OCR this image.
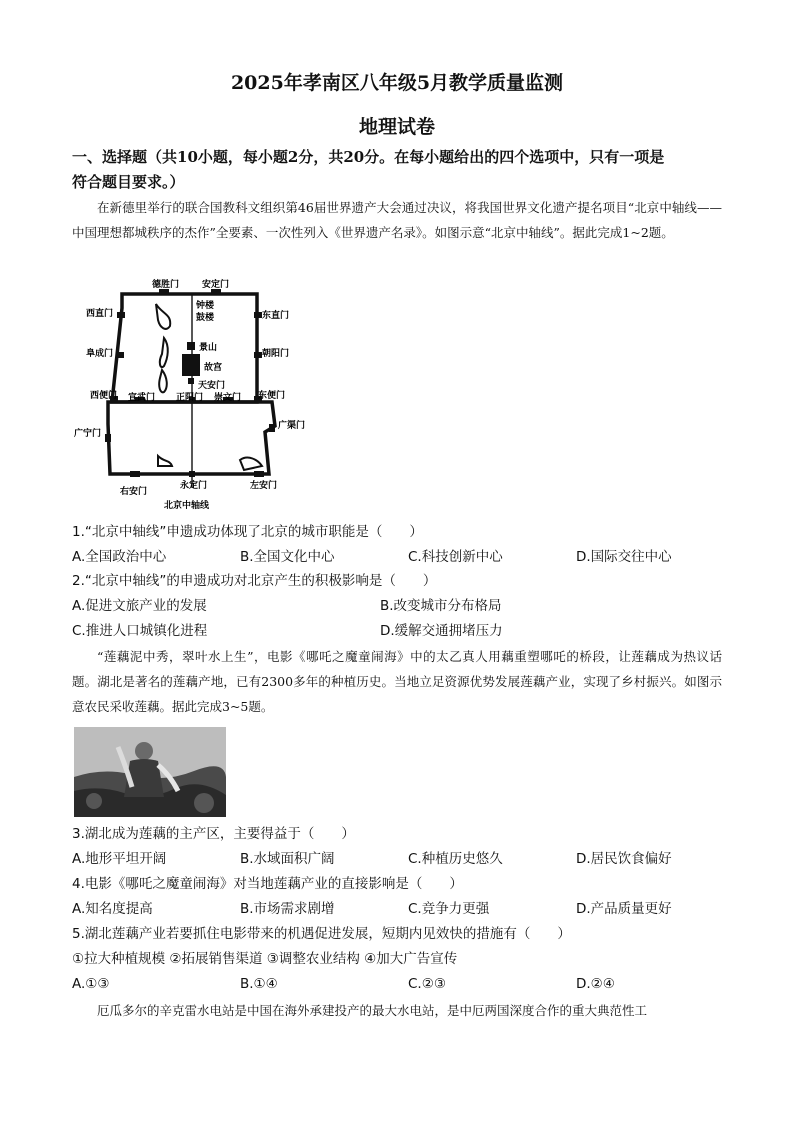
2025年孝南区八年级5月教学质量监测
地理试卷
一、选择题（共10小题，每小题2分，共20分。在每小题给出的四个选项中，只有一项是
符合题目要求。）
在新德里举行的联合国教科文组织第46届世界遗产大会通过决议，将我国世界文化遗产提名项目“北京中轴线——中国理想都城秩序的杰作”全要素、一次性列入《世界遗产名录》。如图示意“北京中轴线”。据此完成1~2题。
德胜门	安定门
钟楼
鼓楼
西直门	东直门
景山
阜成门	朝阳门
故宫
天安门
西便门 宣武门 正阳门 崇文门 东便门
广宁门
广渠门
右安门
永定门	左安门
北京中轴线
1.“北京中轴线”申遗成功体现了北京的城市职能是（　　）
A.全国政治中心	B.全国文化中心	C.科技创新中心	D.国际交往中心
2.“北京中轴线”的申遗成功对北京产生的积极影响是（　　）
A.促进文旅产业的发展	B.改变城市分布格局
C.推进人口城镇化进程	D.缓解交通拥堵压力
“莲藕泥中秀，翠叶水上生”，电影《哪吒之魔童闹海》中的太乙真人用藕重塑哪吒的桥段，让莲藕成为热议话题。湖北是著名的莲藕产地，已有2300多年的种植历史。当地立足资源优势发展莲藕产业，实现了乡村振兴。如图示意农民采收莲藕。据此完成3~5题。
3.湖北成为莲藕的主产区，主要得益于（　　）
A.地形平坦开阔	B.水域面积广阔	C.种植历史悠久	D.居民饮食偏好
4.电影《哪吒之魔童闹海》对当地莲藕产业的直接影响是（　　）
A.知名度提高	B.市场需求剧增	C.竞争力更强	D.产品质量更好
5.湖北莲藕产业若要抓住电影带来的机遇促进发展，短期内见效快的措施有（　　）
①拉大种植规模 ②拓展销售渠道 ③调整农业结构 ④加大广告宣传
A.①③	B.①④	C.②③	D.②④
厄瓜多尔的辛克雷水电站是中国在海外承建投产的最大水电站，是中厄两国深度合作的重大典范性工
